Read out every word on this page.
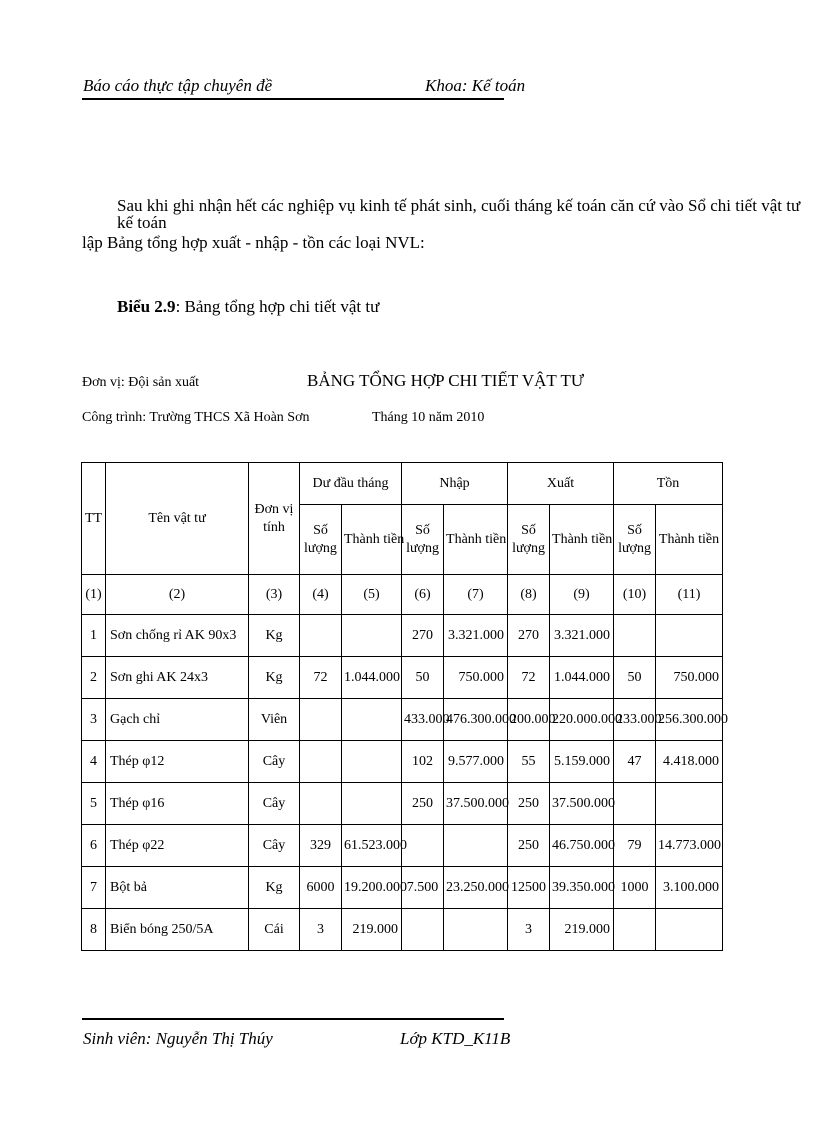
Báo cáo thực tập chuyên đề	Khoa: Kế toán
Sau khi ghi nhận hết các nghiệp vụ kinh tế phát sinh, cuối tháng kế toán căn cứ vào Sổ chi tiết vật tư kế toán
lập Bảng tổng hợp xuất - nhập - tồn các loại NVL:
Biểu 2.9: Bảng tổng hợp chi tiết vật tư
Đơn vị: Đội sản xuất	BẢNG TỔNG HỢP CHI TIẾT VẬT TƯ
Công trình: Trường THCS Xã Hoàn Sơn	Tháng 10 năm 2010
TT	Tên vật tư	Đơn vị tính	Dư đầu tháng		Nhập		Xuất		Tồn	
			Số lượng	Thành tiền	Số lượng	Thành tiền	Số lượng	Thành tiền	Số lượng	Thành tiền
(1)	(2)	(3)	(4)	(5)	(6)	(7)	(8)	(9)	(10)	(11)
1	Sơn chống rỉ AK 90x3	Kg			270	3.321.000	270	3.321.000		
2	Sơn ghi AK 24x3	Kg	72	1.044.000	50	750.000	72	1.044.000	50	750.000
3	Gạch chỉ	Viên			433.000	476.300.000	200.000	220.000.000	233.000	256.300.000
4	Thép φ12	Cây			102	9.577.000	55	5.159.000	47	4.418.000
5	Thép φ16	Cây			250	37.500.000	250	37.500.000		
6	Thép φ22	Cây	329	61.523.000			250	46.750.000	79	14.773.000
7	Bột bả	Kg	6000	19.200.000	7.500	23.250.000	12500	39.350.000	1000	3.100.000
8	Biển bóng 250/5A	Cái	3	219.000			3	219.000		
Sinh viên: Nguyễn Thị Thúy	Lớp KTD_K11B
